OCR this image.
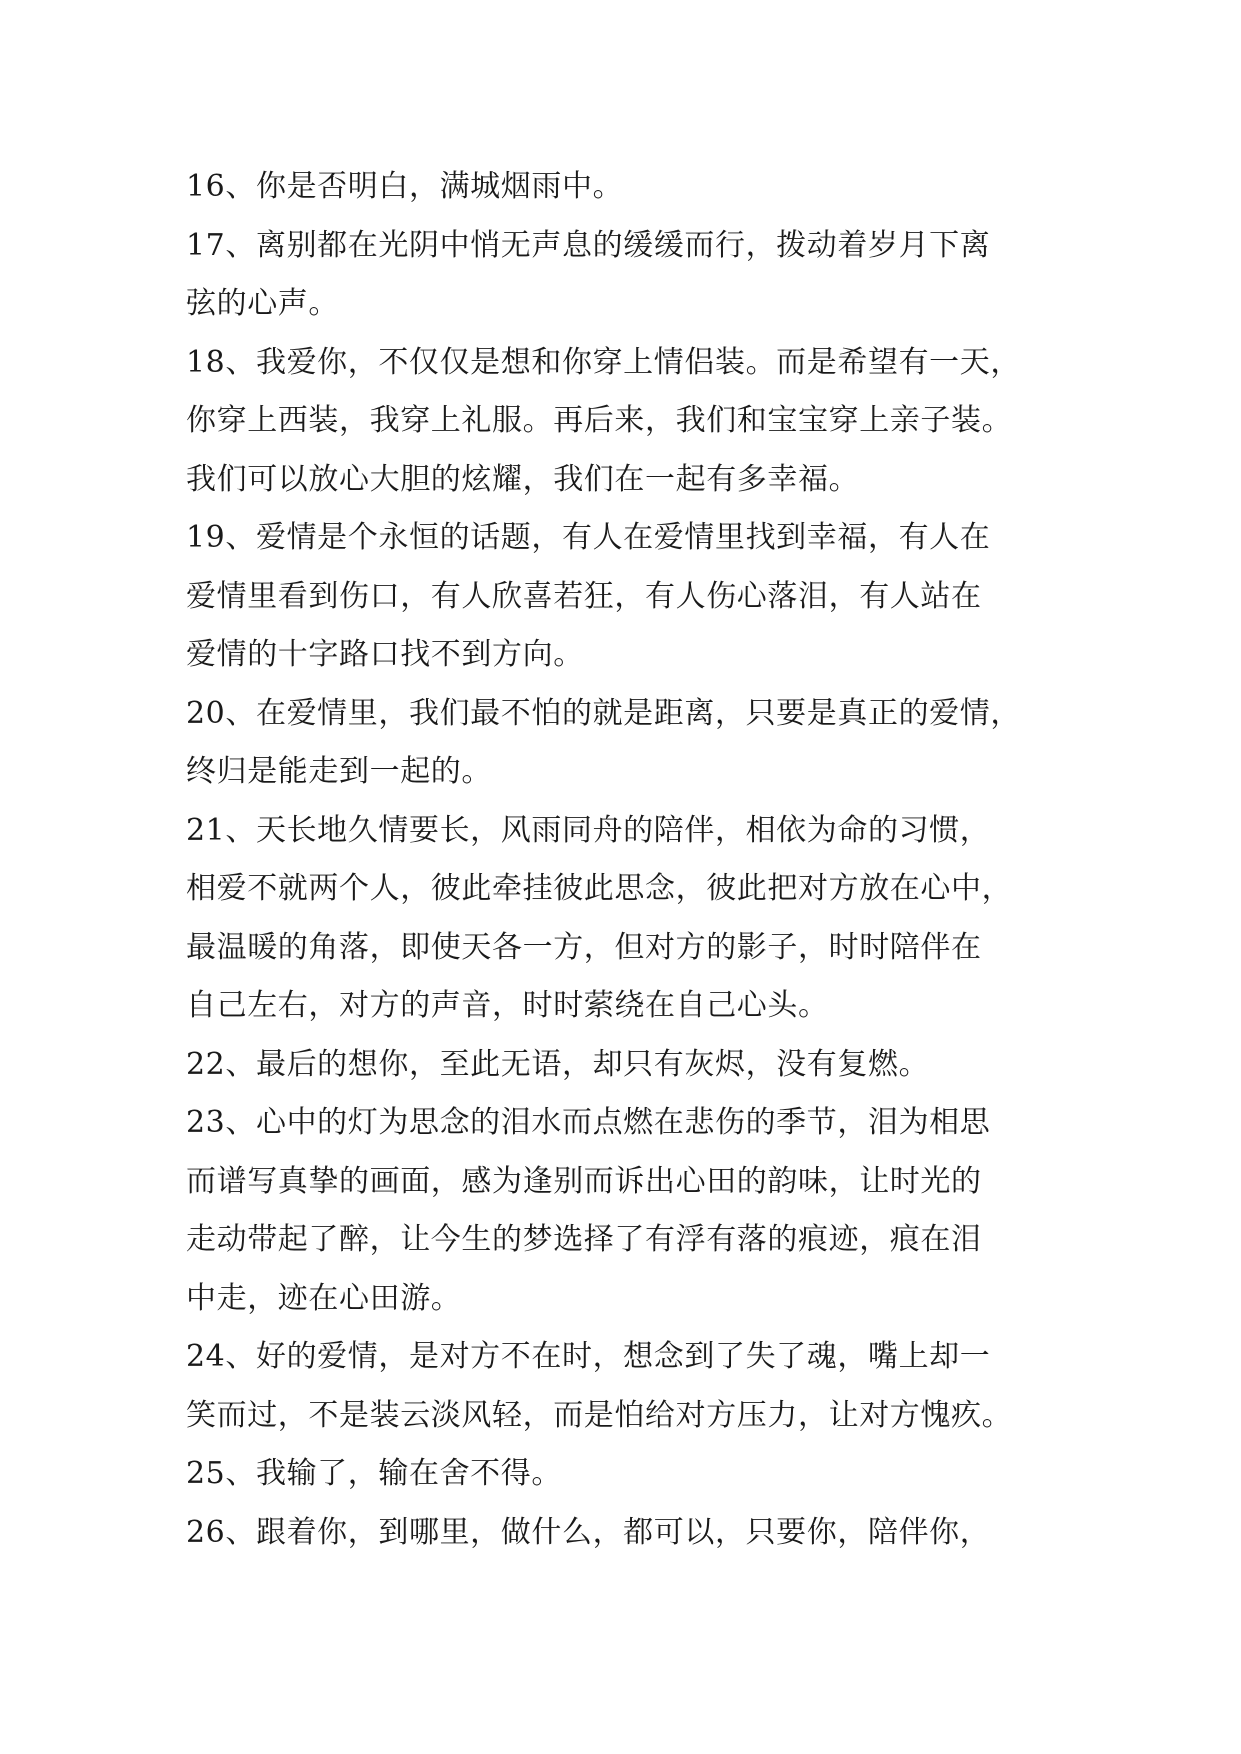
16、你是否明白，满城烟雨中。

17、离别都在光阴中悄无声息的缓缓而行，拨动着岁月下离
弦的心声。

18、我爱你，不仅仅是想和你穿上情侣装。而是希望有一天，
你穿上西装，我穿上礼服。再后来，我们和宝宝穿上亲子装。
我们可以放心大胆的炫耀，我们在一起有多幸福。

19、爱情是个永恒的话题，有人在爱情里找到幸福，有人在
爱情里看到伤口，有人欣喜若狂，有人伤心落泪，有人站在
爱情的十字路口找不到方向。

20、在爱情里，我们最不怕的就是距离，只要是真正的爱情，
终归是能走到一起的。

21、天长地久情要长，风雨同舟的陪伴，相依为命的习惯，
相爱不就两个人，彼此牵挂彼此思念，彼此把对方放在心中，
最温暖的角落，即使天各一方，但对方的影子，时时陪伴在
自己左右，对方的声音，时时萦绕在自己心头。

22、最后的想你，至此无语，却只有灰烬，没有复燃。

23、心中的灯为思念的泪水而点燃在悲伤的季节，泪为相思
而谱写真挚的画面，感为逢别而诉出心田的韵味，让时光的
走动带起了醉，让今生的梦选择了有浮有落的痕迹，痕在泪
中走，迹在心田游。

24、好的爱情，是对方不在时，想念到了失了魂，嘴上却一
笑而过，不是装云淡风轻，而是怕给对方压力，让对方愧疚。

25、我输了，输在舍不得。

26、跟着你，到哪里，做什么，都可以，只要你，陪伴你，
